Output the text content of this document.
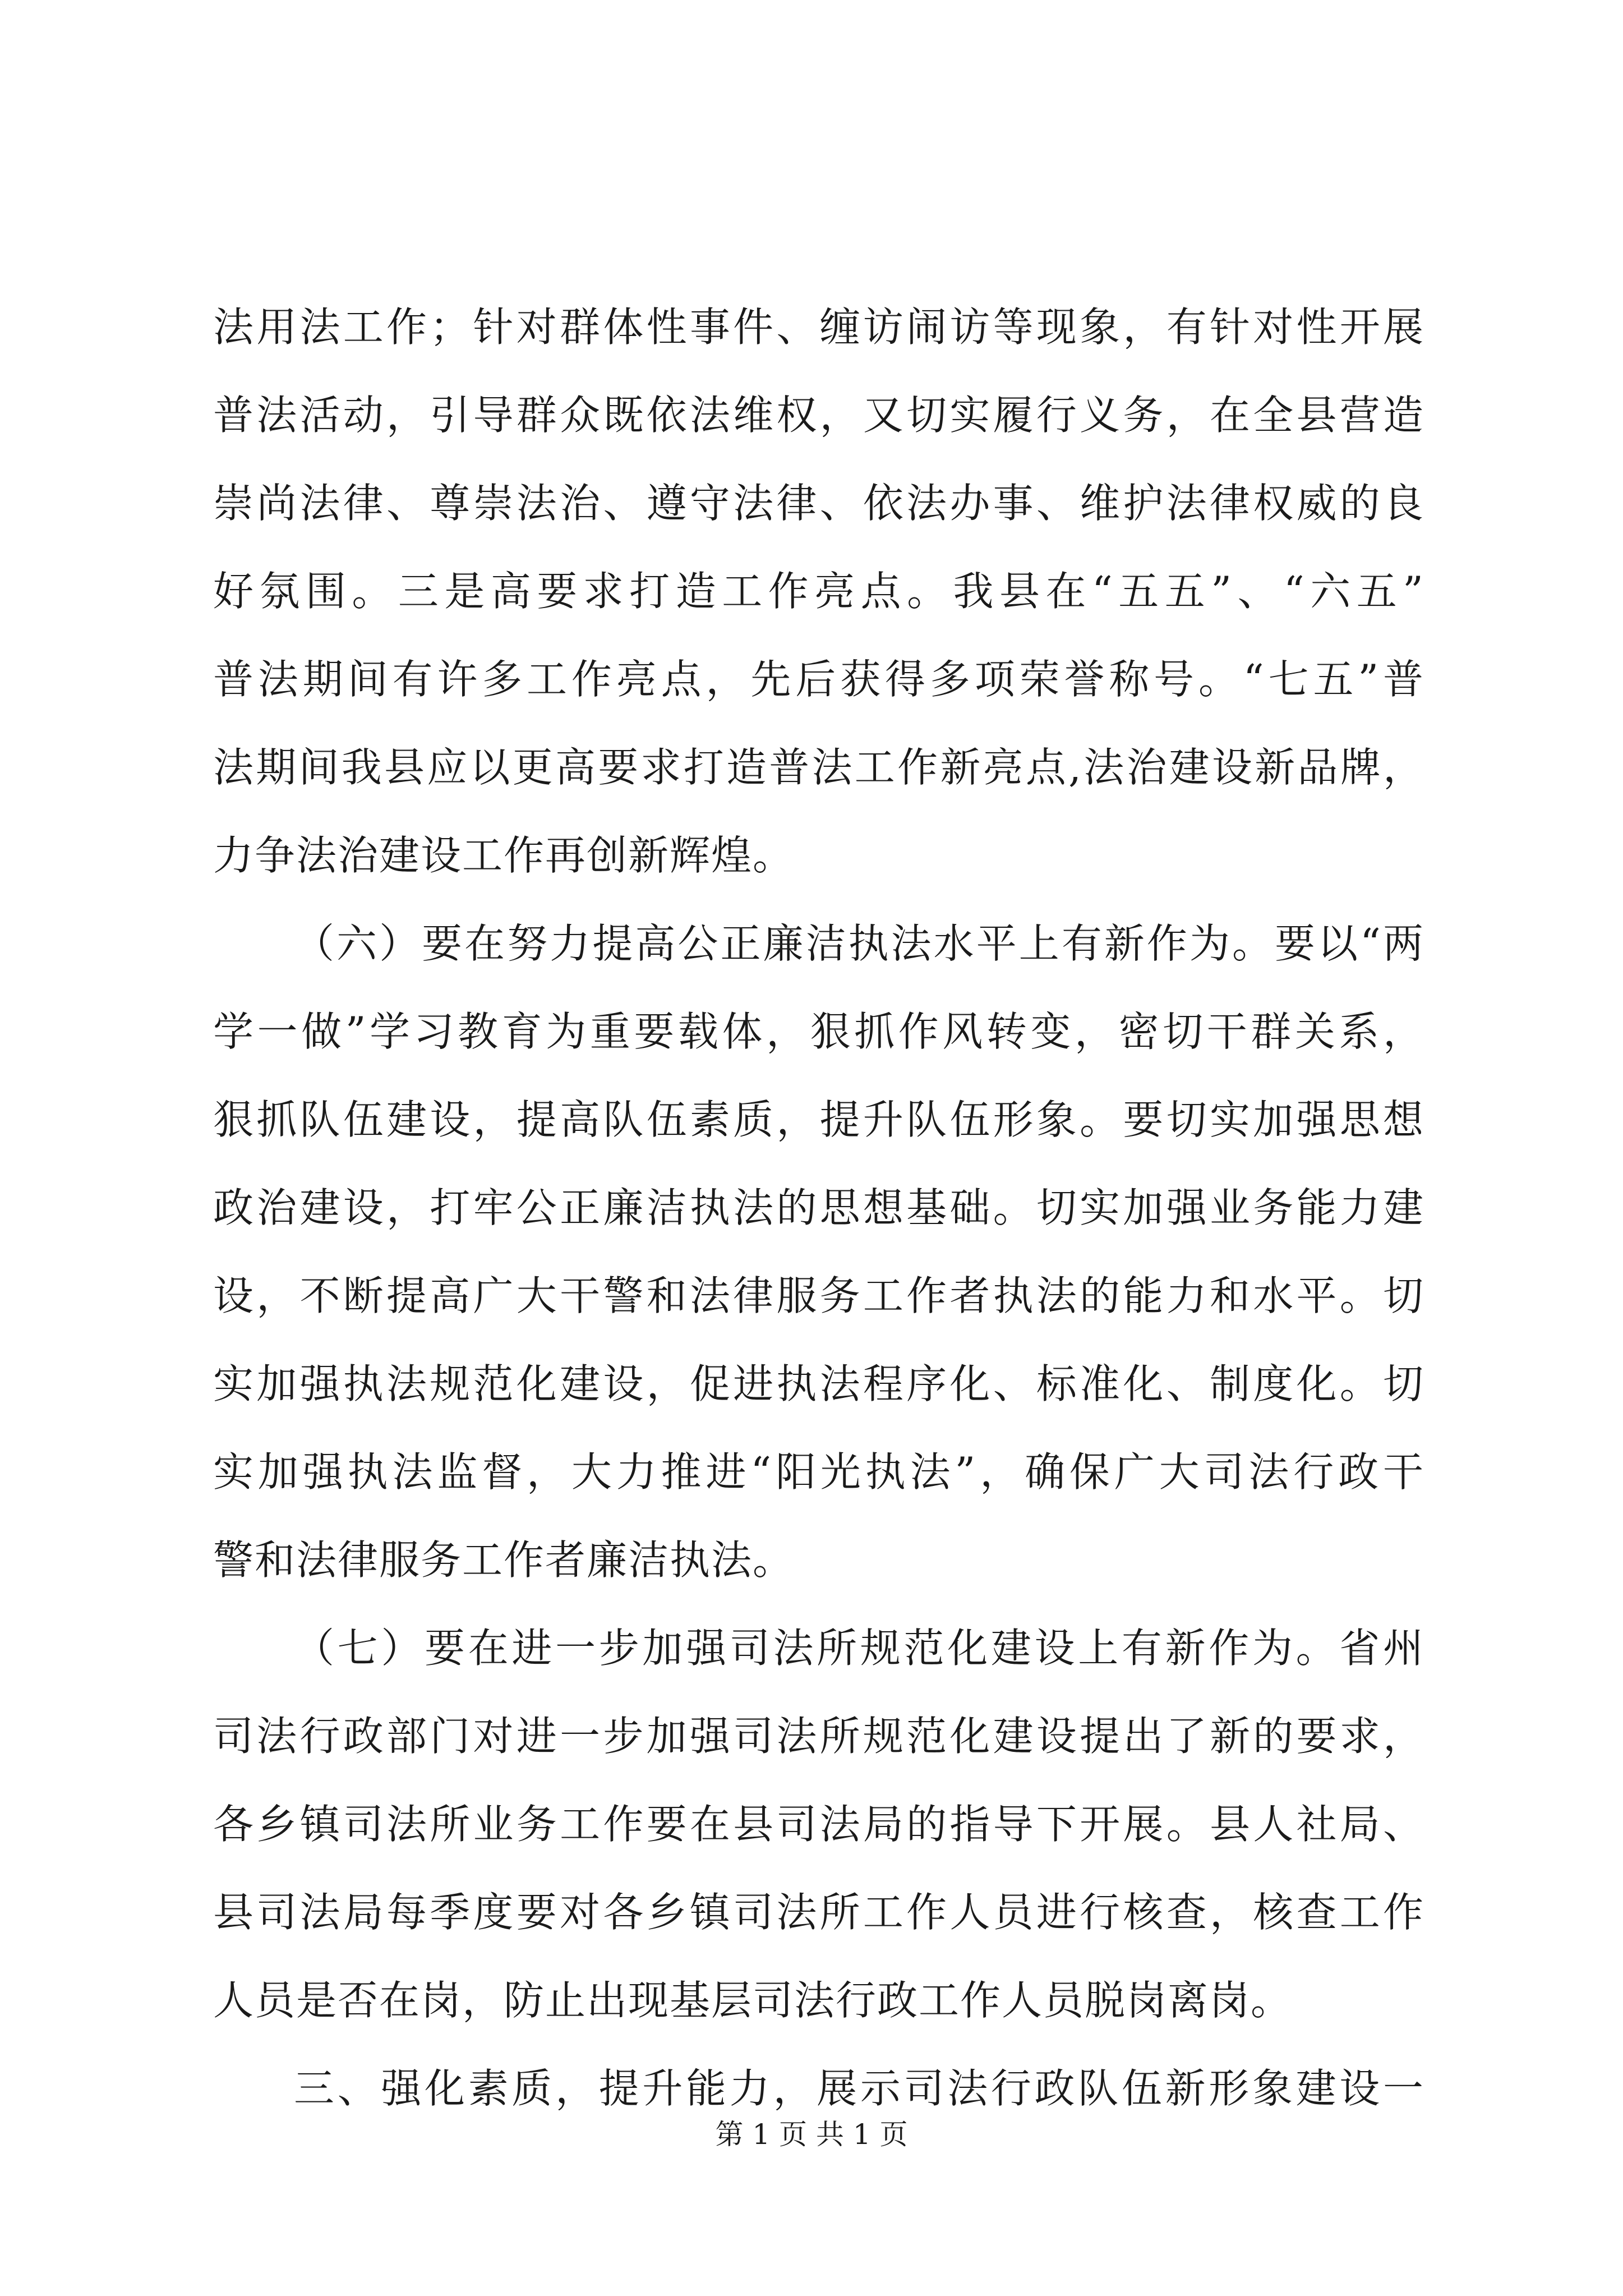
法用法工作；针对群体性事件、缠访闹访等现象，有针对性开展
普法活动，引导群众既依法维权，又切实履行义务，在全县营造
崇尚法律、尊崇法治、遵守法律、依法办事、维护法律权威的良
好氛围。三是高要求打造工作亮点。我县在“五五”、“六五”
普法期间有许多工作亮点，先后获得多项荣誉称号。“七五”普
法期间我县应以更高要求打造普法工作新亮点,法治建设新品牌，
力争法治建设工作再创新辉煌。
（六）要在努力提高公正廉洁执法水平上有新作为。要以“两
学一做”学习教育为重要载体，狠抓作风转变，密切干群关系，
狠抓队伍建设，提高队伍素质，提升队伍形象。要切实加强思想
政治建设，打牢公正廉洁执法的思想基础。切实加强业务能力建
设，不断提高广大干警和法律服务工作者执法的能力和水平。切
实加强执法规范化建设，促进执法程序化、标准化、制度化。切
实加强执法监督，大力推进“阳光执法”，确保广大司法行政干
警和法律服务工作者廉洁执法。
（七）要在进一步加强司法所规范化建设上有新作为。省州
司法行政部门对进一步加强司法所规范化建设提出了新的要求，
各乡镇司法所业务工作要在县司法局的指导下开展。县人社局、
县司法局每季度要对各乡镇司法所工作人员进行核查，核查工作
人员是否在岗，防止出现基层司法行政工作人员脱岗离岗。
三、强化素质，提升能力，展示司法行政队伍新形象建设一
第 1 页 共 1 页
